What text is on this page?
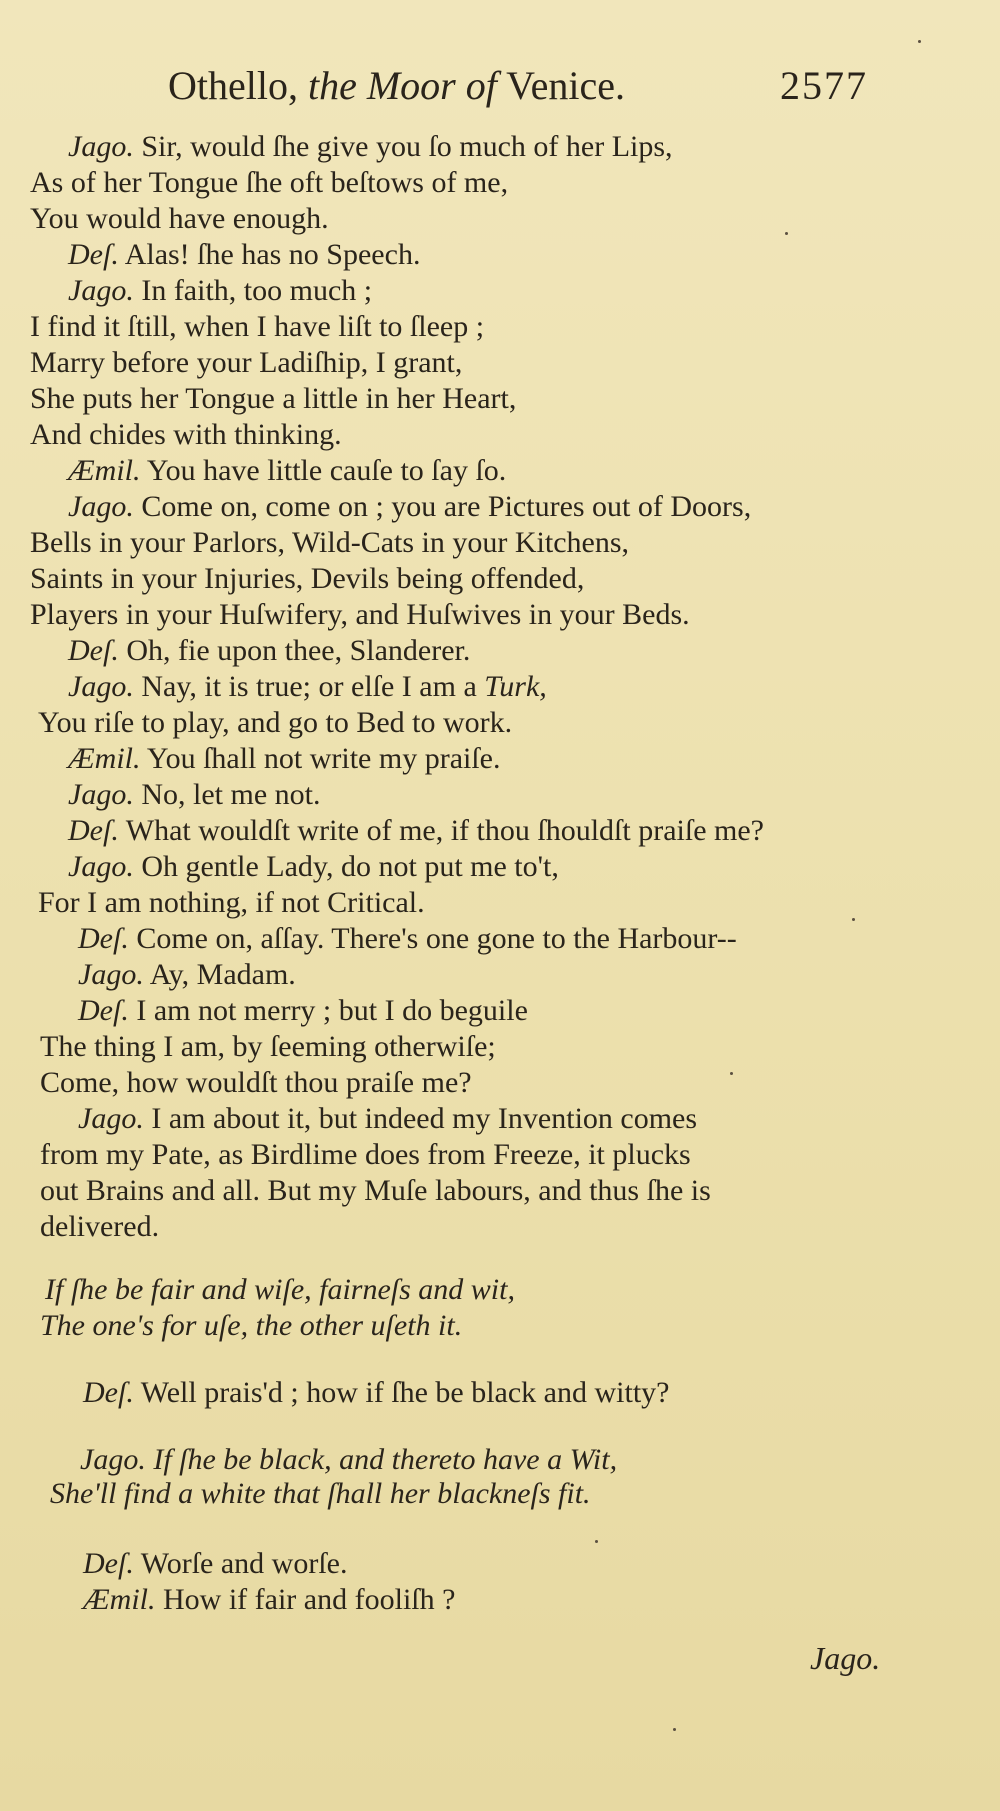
Othello, the Moor of Venice.	2577
Jago. Sir, would ſhe give you ſo much of her Lips,
As of her Tongue ſhe oft beſtows of me,
You would have enough.
Deſ. Alas! ſhe has no Speech.
Jago. In faith, too much ;
I find it ſtill, when I have liſt to ſleep ;
Marry before your Ladiſhip, I grant,
She puts her Tongue a little in her Heart,
And chides with thinking.
Æmil. You have little cauſe to ſay ſo.
Jago. Come on, come on ; you are Pictures out of Doors,
Bells in your Parlors, Wild-Cats in your Kitchens,
Saints in your Injuries, Devils being offended,
Players in your Huſwifery, and Huſwives in your Beds.
Deſ. Oh, fie upon thee, Slanderer.
Jago. Nay, it is true; or elſe I am a Turk,
You riſe to play, and go to Bed to work.
Æmil. You ſhall not write my praiſe.
Jago. No, let me not.
Deſ. What wouldſt write of me, if thou ſhouldſt praiſe me?
Jago. Oh gentle Lady, do not put me to't,
For I am nothing, if not Critical.
Deſ. Come on, aſſay. There's one gone to the Harbour--
Jago. Ay, Madam.
Deſ. I am not merry ; but I do beguile
The thing I am, by ſeeming otherwiſe;
Come, how wouldſt thou praiſe me?
Jago. I am about it, but indeed my Invention comes
from my Pate, as Birdlime does from Freeze, it plucks
out Brains and all. But my Muſe labours, and thus ſhe is
delivered.
If ſhe be fair and wiſe, fairneſs and wit,
The one's for uſe, the other uſeth it.
Deſ. Well prais'd ; how if ſhe be black and witty?
Jago. If ſhe be black, and thereto have a Wit,
She'll find a white that ſhall her blackneſs fit.
Deſ. Worſe and worſe.
Æmil. How if fair and fooliſh ?
Jago.
